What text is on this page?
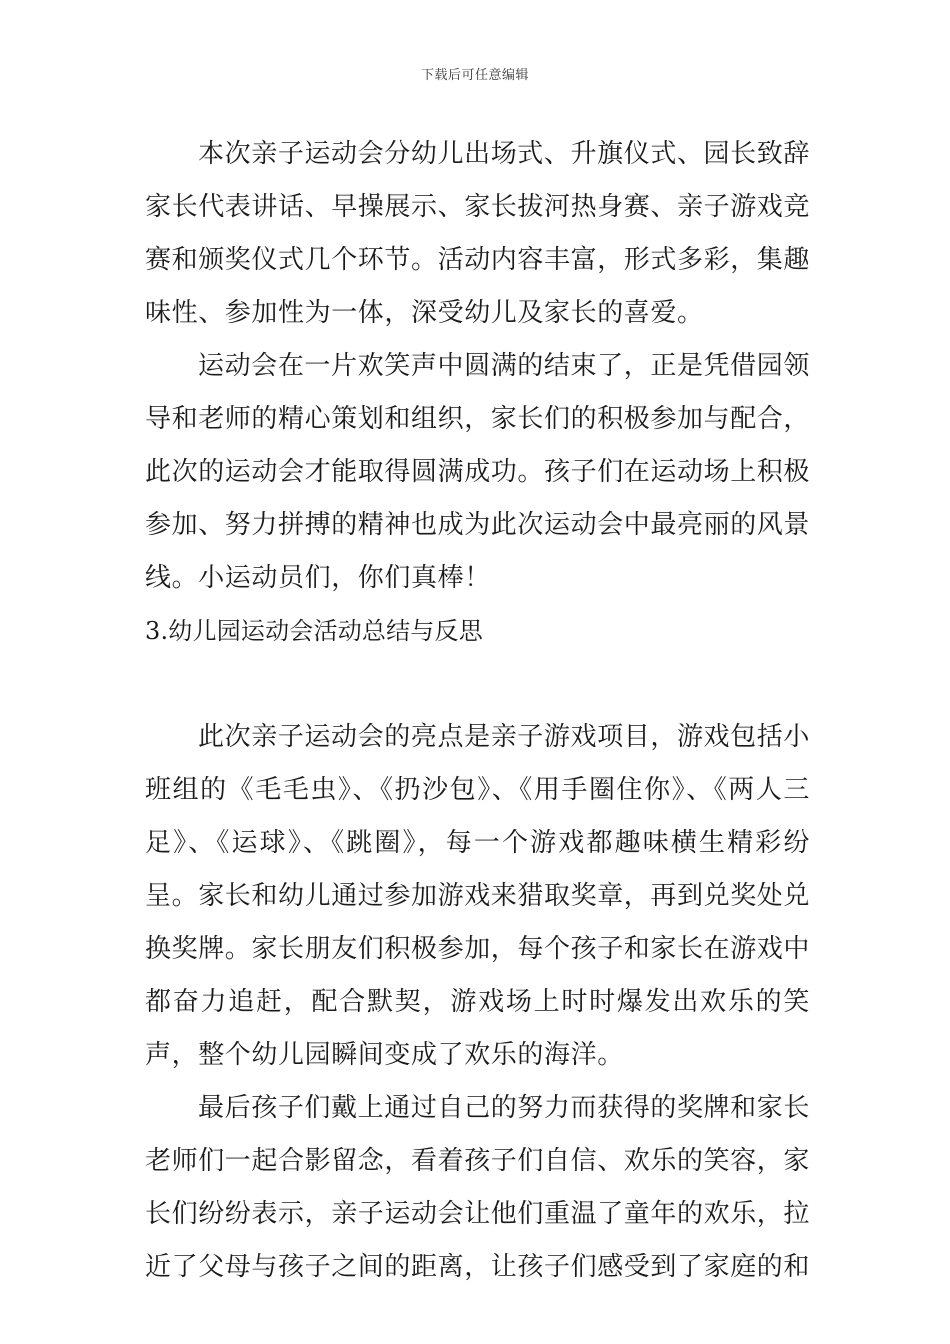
下载后可任意编辑

本次亲子运动会分幼儿出场式、升旗仪式、园长致辞家长代表讲话、早操展示、家长拔河热身赛、亲子游戏竞赛和颁奖仪式几个环节。活动内容丰富，形式多彩，集趣味性、参加性为一体，深受幼儿及家长的喜爱。

运动会在一片欢笑声中圆满的结束了，正是凭借园领导和老师的精心策划和组织，家长们的积极参加与配合，此次的运动会才能取得圆满成功。孩子们在运动场上积极参加、努力拼搏的精神也成为此次运动会中最亮丽的风景线。小运动员们，你们真棒！

3.幼儿园运动会活动总结与反思

此次亲子运动会的亮点是亲子游戏项目，游戏包括小班组的《毛毛虫》、《扔沙包》、《用手圈住你》、《两人三足》、《运球》、《跳圈》，每一个游戏都趣味横生精彩纷呈。家长和幼儿通过参加游戏来猎取奖章，再到兑奖处兑换奖牌。家长朋友们积极参加，每个孩子和家长在游戏中都奋力追赶，配合默契，游戏场上时时爆发出欢乐的笑声，整个幼儿园瞬间变成了欢乐的海洋。

最后孩子们戴上通过自己的努力而获得的奖牌和家长老师们一起合影留念，看着孩子们自信、欢乐的笑容，家长们纷纷表示，亲子运动会让他们重温了童年的欢乐，拉近了父母与孩子之间的距离，让孩子们感受到了家庭的和
